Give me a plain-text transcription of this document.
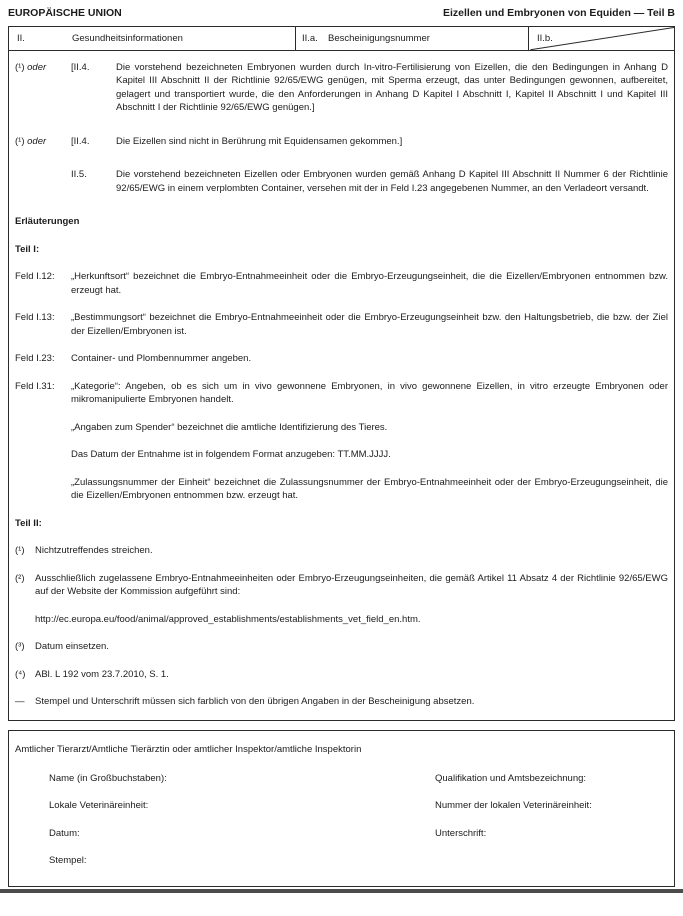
EUROPÄISCHE UNION	Eizellen und Embryonen von Equiden — Teil B
II.	Gesundheitsinformationen	II.a.	Bescheinigungsnummer	II.b.
(¹) oder	[II.4.	Die vorstehend bezeichneten Embryonen wurden durch In-vitro-Fertilisierung von Eizellen, die den Bedingungen in Anhang D Kapitel III Abschnitt II der Richtlinie 92/65/EWG genügen, mit Sperma erzeugt, das unter Bedingungen gewonnen, aufbereitet, gelagert und transportiert wurde, die den Anforderungen in Anhang D Kapitel I Abschnitt I, Kapitel II Abschnitt I und Kapitel III Abschnitt I der Richtlinie 92/65/EWG genügen.]
(¹) oder	[II.4.	Die Eizellen sind nicht in Berührung mit Equidensamen gekommen.]
II.5.	Die vorstehend bezeichneten Eizellen oder Embryonen wurden gemäß Anhang D Kapitel III Abschnitt II Nummer 6 der Richtlinie 92/65/EWG in einem verplombten Container, versehen mit der in Feld I.23 angegebenen Nummer, an den Verladeort versandt.
Erläuterungen
Teil I:
Feld I.12:	„Herkunftsort“ bezeichnet die Embryo-Entnahmeeinheit oder die Embryo-Erzeugungseinheit, die die Eizellen/Embryonen entnommen bzw. erzeugt hat.
Feld I.13:	„Bestimmungsort“ bezeichnet die Embryo-Entnahmeeinheit oder die Embryo-Erzeugungseinheit bzw. den Haltungsbetrieb, die bzw. der Ziel der Eizellen/Embryonen ist.
Feld I.23:	Container- und Plombennummer angeben.
Feld I.31:	„Kategorie“: Angeben, ob es sich um in vivo gewonnene Embryonen, in vivo gewonnene Eizellen, in vitro erzeugte Embryonen oder mikromanipulierte Embryonen handelt.

„Angaben zum Spender“ bezeichnet die amtliche Identifizierung des Tieres.

Das Datum der Entnahme ist in folgendem Format anzugeben: TT.MM.JJJJ.

„Zulassungsnummer der Einheit“ bezeichnet die Zulassungsnummer der Embryo-Entnahmeeinheit oder der Embryo-Erzeugungseinheit, die die Eizellen/Embryonen entnommen bzw. erzeugt hat.

Teil II:
(¹)	Nichtzutreffendes streichen.
(²)	Ausschließlich zugelassene Embryo-Entnahmeeinheiten oder Embryo-Erzeugungseinheiten, die gemäß Artikel 11 Absatz 4 der Richtlinie 92/65/EWG auf der Website der Kommission aufgeführt sind:

http://ec.europa.eu/food/animal/approved_establishments/establishments_vet_field_en.htm.

(³)	Datum einsetzen.
(⁴)	ABl. L 192 vom 23.7.2010, S. 1.
—	Stempel und Unterschrift müssen sich farblich von den übrigen Angaben in der Bescheinigung absetzen.
Amtlicher Tierarzt/Amtliche Tierärztin oder amtlicher Inspektor/amtliche Inspektorin
Name (in Großbuchstaben):	Qualifikation und Amtsbezeichnung:
Lokale Veterinäreinheit:	Nummer der lokalen Veterinäreinheit:
Datum:	Unterschrift:
Stempel:
